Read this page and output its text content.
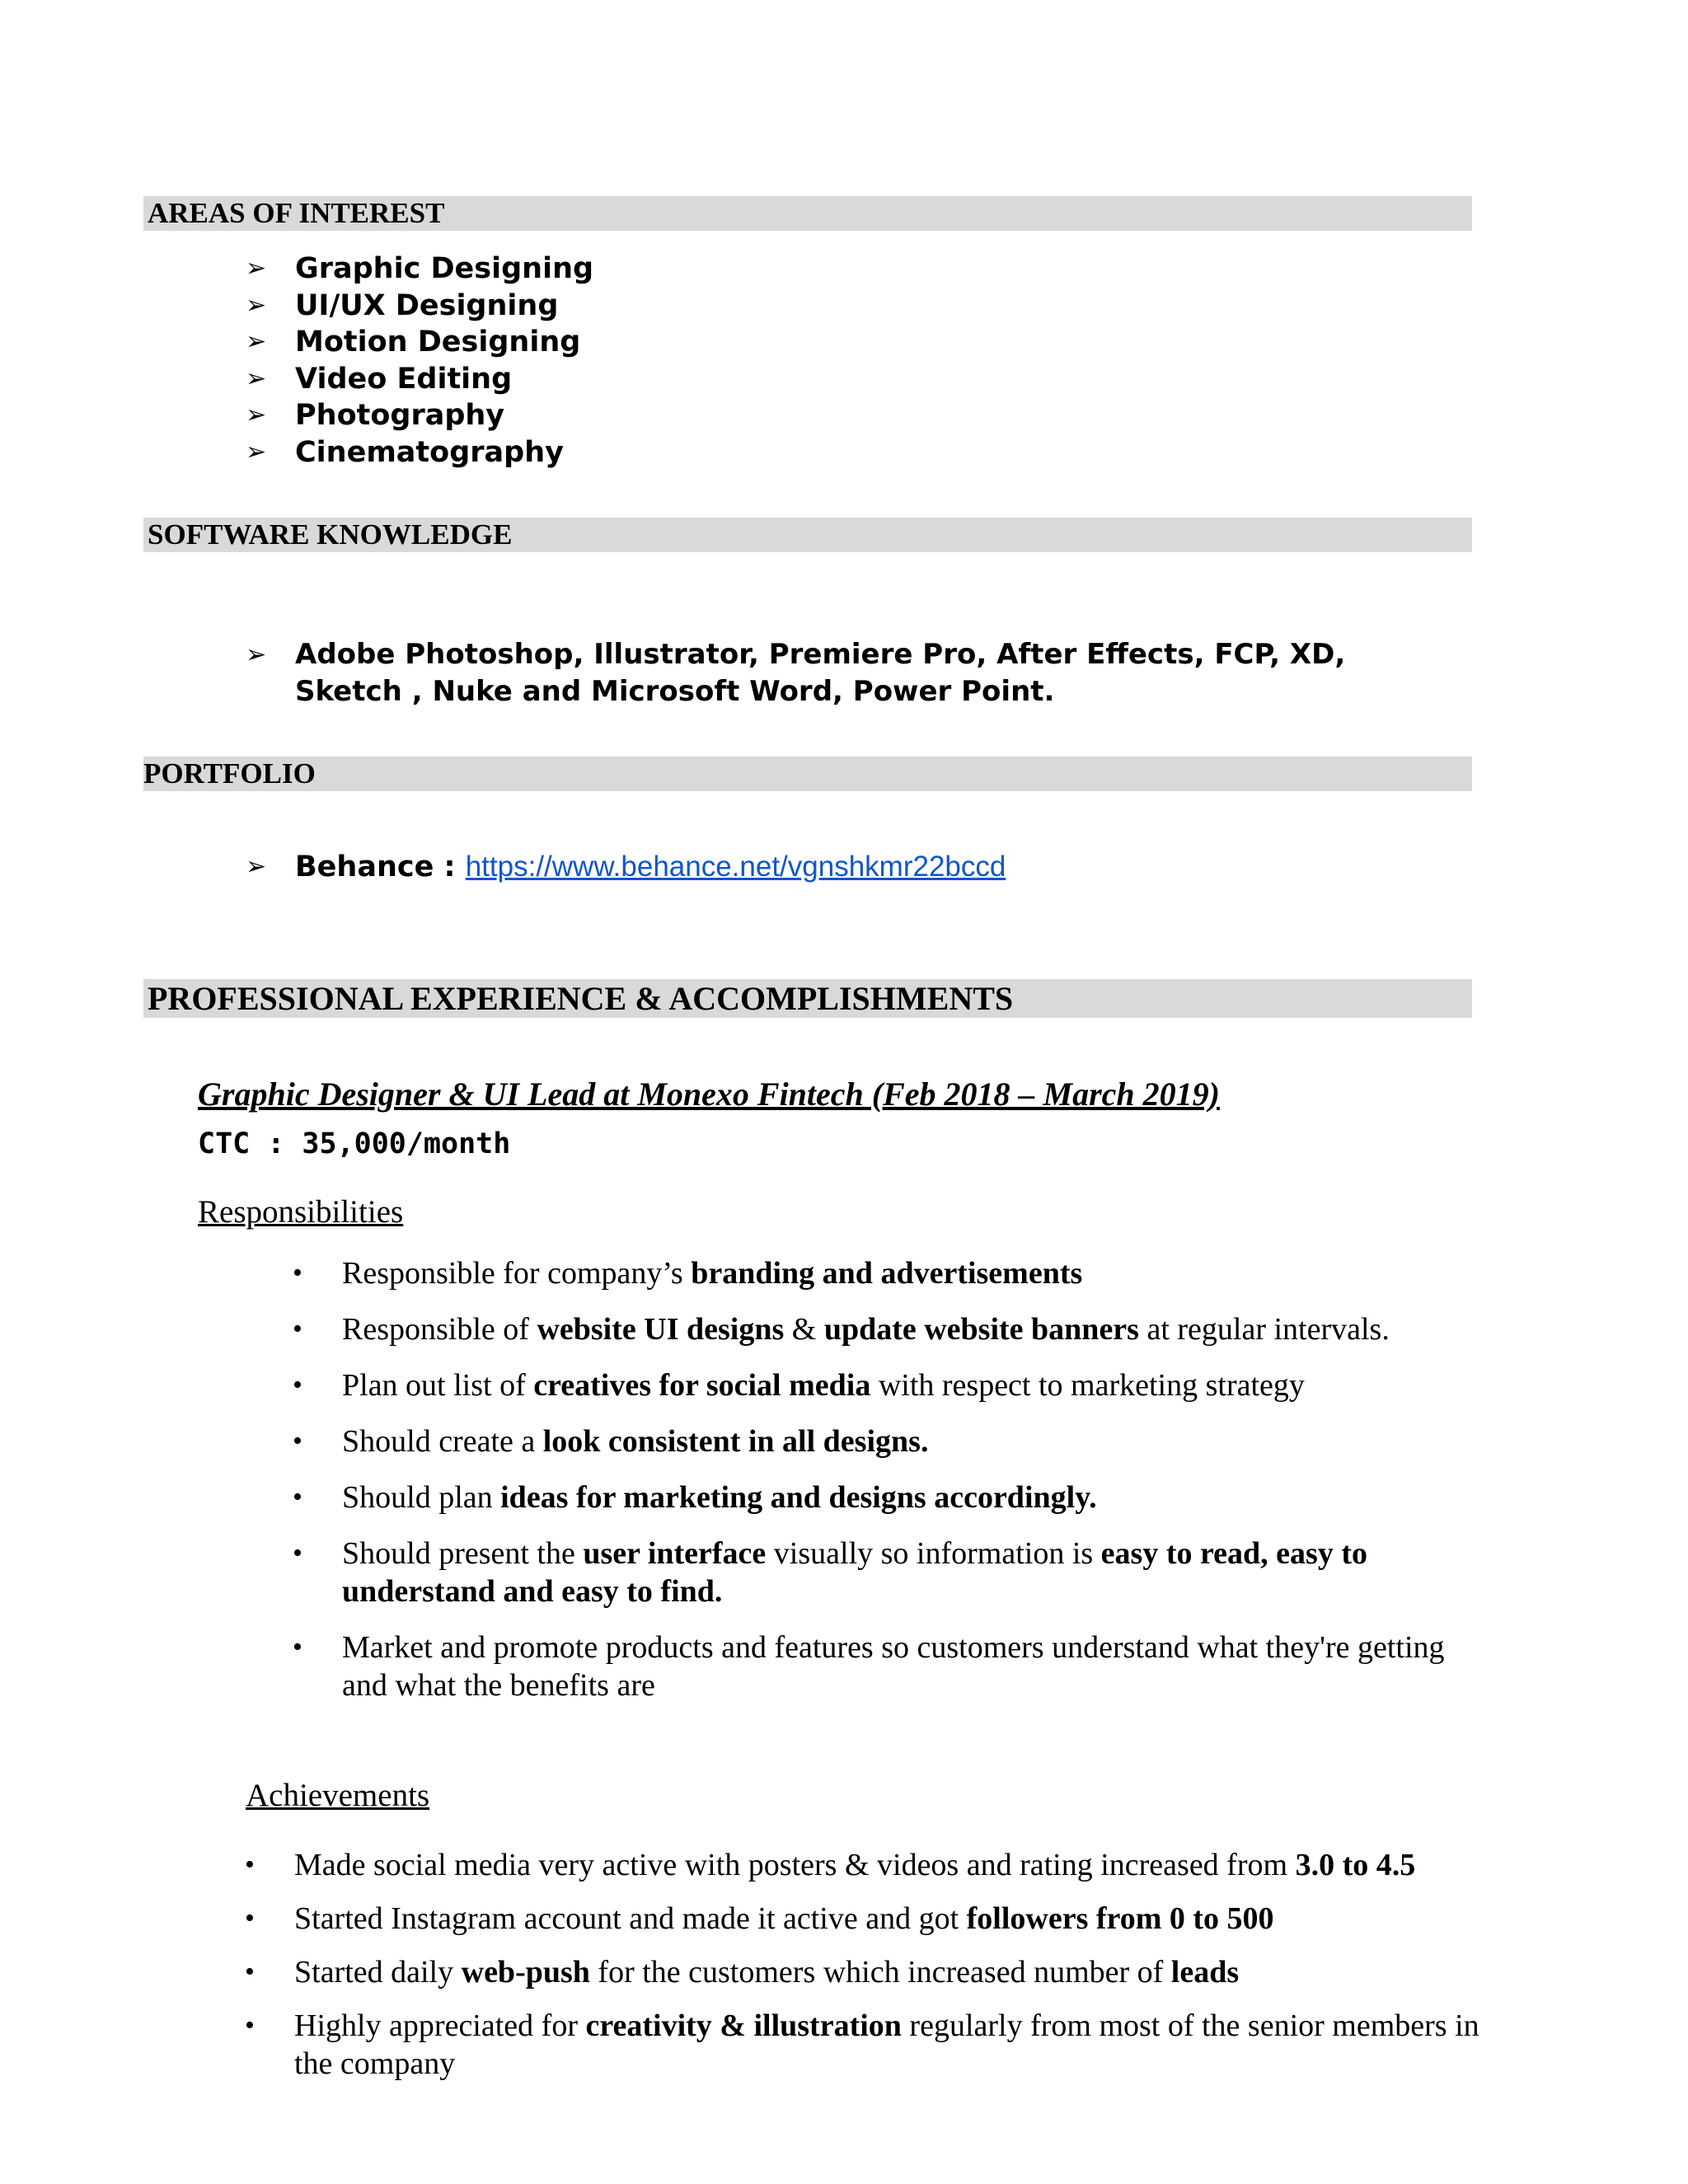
AREAS OF INTEREST
➢ Graphic Designing
➢ UI/UX Designing
➢ Motion Designing
➢ Video Editing
➢ Photography
➢ Cinematography
SOFTWARE KNOWLEDGE
➢	Adobe Photoshop, Illustrator, Premiere Pro, After Effects, FCP, XD, Sketch , Nuke and Microsoft Word, Power Point.
PORTFOLIO
➢ Behance : https://www.behance.net/vgnshkmr22bccd
PROFESSIONAL EXPERIENCE & ACCOMPLISHMENTS
Graphic Designer & UI Lead at Monexo Fintech (Feb 2018 – March 2019)
CTC : 35,000/month
Responsibilities
• Responsible for company’s branding and advertisements
• Responsible of website UI designs & update website banners at regular intervals.
• Plan out list of creatives for social media with respect to marketing strategy
• Should create a look consistent in all designs.
• Should plan ideas for marketing and designs accordingly.
• Should present the user interface visually so information is easy to read, easy to understand and easy to find.
• Market and promote products and features so customers understand what they're getting and what the benefits are
Achievements
• Made social media very active with posters & videos and rating increased from 3.0 to 4.5
• Started Instagram account and made it active and got followers from 0 to 500
• Started daily web-push for the customers which increased number of leads
• Highly appreciated for creativity & illustration regularly from most of the senior members in the company
